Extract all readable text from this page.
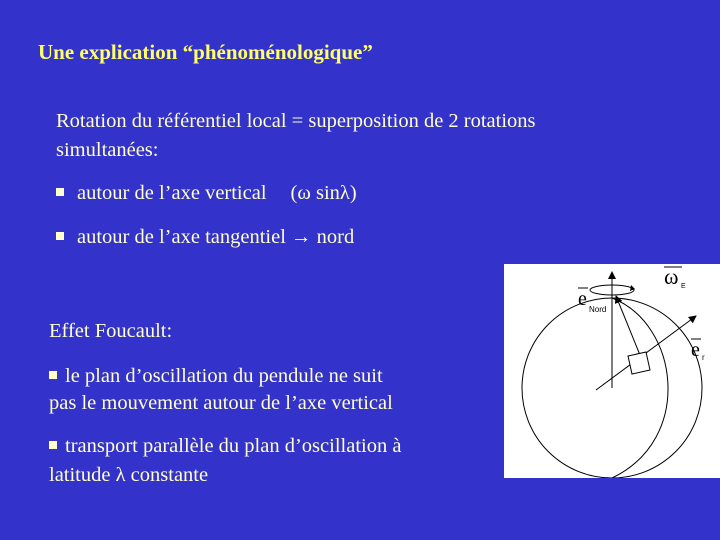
Une explication “phénoménologique”
Rotation du référentiel local = superposition de 2 rotations
simultanées:
autour de l’axe vertical (ω sinλ)
autour de l’axe tangentiel → nord
Effet Foucault:
le plan d’oscillation du pendule ne suit
pas le mouvement autour de l’axe vertical
transport parallèle du plan d’oscillation à
latitude λ constante
ω E
e Nord
e r
